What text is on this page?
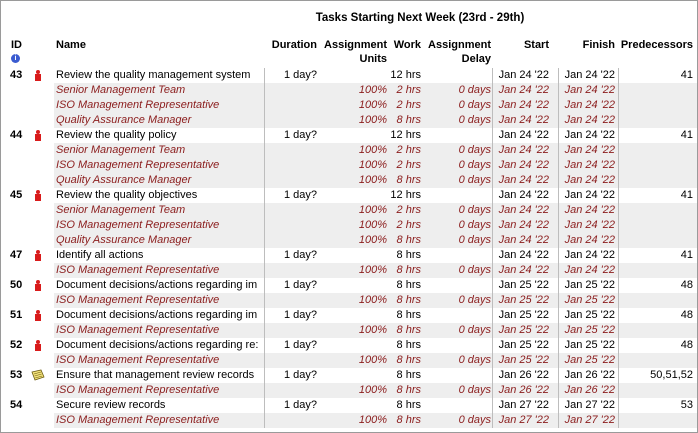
Tasks Starting Next Week (23rd - 29th)
ID	Name	Duration Assignment
Units
Work Assignment
Delay
Start	Finish Predecessors
i
43	Review the quality management system	1 day?	12 hrs	Jan 24 '22	Jan 24 '22	41
Senior Management Team	100% 2 hrs	0 days Jan 24 '22	Jan 24 '22
ISO Management Representative	100% 2 hrs	0 days Jan 24 '22	Jan 24 '22
Quality Assurance Manager	100% 8 hrs	0 days Jan 24 '22	Jan 24 '22
44	Review the quality policy	1 day?	12 hrs	Jan 24 '22	Jan 24 '22	41
Senior Management Team	100% 2 hrs	0 days Jan 24 '22	Jan 24 '22
ISO Management Representative	100% 2 hrs	0 days Jan 24 '22	Jan 24 '22
Quality Assurance Manager	100% 8 hrs	0 days Jan 24 '22	Jan 24 '22
45	Review the quality objectives	1 day?	12 hrs	Jan 24 '22	Jan 24 '22	41
Senior Management Team	100% 2 hrs	0 days Jan 24 '22	Jan 24 '22
ISO Management Representative	100% 2 hrs	0 days Jan 24 '22	Jan 24 '22
Quality Assurance Manager	100% 8 hrs	0 days Jan 24 '22	Jan 24 '22
47	Identify all actions	1 day?	8 hrs	Jan 24 '22	Jan 24 '22	41
ISO Management Representative	100% 8 hrs	0 days Jan 24 '22	Jan 24 '22
50	Document decisions/actions regarding im	1 day?	8 hrs	Jan 25 '22	Jan 25 '22	48
ISO Management Representative	100% 8 hrs	0 days Jan 25 '22	Jan 25 '22
51	Document decisions/actions regarding im	1 day?	8 hrs	Jan 25 '22	Jan 25 '22	48
ISO Management Representative	100% 8 hrs	0 days Jan 25 '22	Jan 25 '22
52	Document decisions/actions regarding re:	1 day?	8 hrs	Jan 25 '22	Jan 25 '22	48
ISO Management Representative	100% 8 hrs	0 days Jan 25 '22	Jan 25 '22
53	Ensure that management review records	1 day?	8 hrs	Jan 26 '22	Jan 26 '22	50,51,52
ISO Management Representative	100% 8 hrs	0 days Jan 26 '22	Jan 26 '22
54	Secure review records	1 day?	8 hrs	Jan 27 '22	Jan 27 '22	53
ISO Management Representative	100% 8 hrs	0 days Jan 27 '22	Jan 27 '22
